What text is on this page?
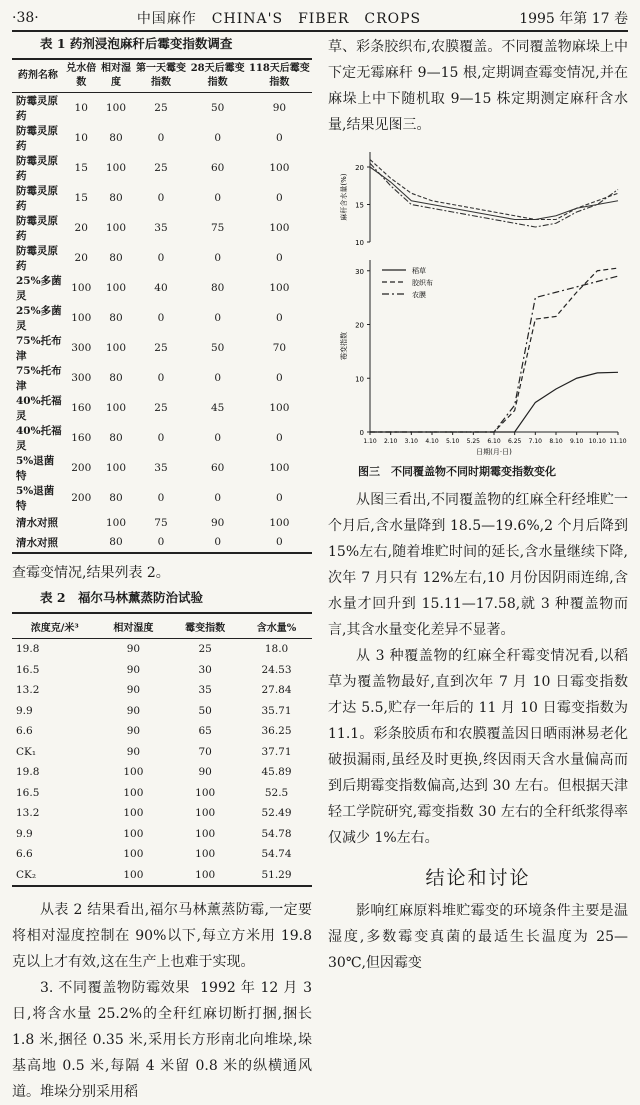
·38·	中国麻作　CHINA'S　FIBER　CROPS	1995 年第 17 卷
表 1 药剂浸泡麻秆后霉变指数调查
药剂名称	兑水倍数	相对湿度	第一天霉变指数	28天后霉变指数	118天后霉变指数
防霉灵原药	10	100	25	50	90
防霉灵原药	10	80	0	0	0
防霉灵原药	15	100	25	60	100
防霉灵原药	15	80	0	0	0
防霉灵原药	20	100	35	75	100
防霉灵原药	20	80	0	0	0
25%多菌灵	100	100	40	80	100
25%多菌灵	100	80	0	0	0
75%托布津	300	100	25	50	70
75%托布津	300	80	0	0	0
40%托福灵	160	100	25	45	100
40%托福灵	160	80	0	0	0
5%退菌特	200	100	35	60	100
5%退菌特	200	80	0	0	0
清水对照		100	75	90	100
清水对照		80	0	0	0

查霉变情况,结果列表 2。

表 2　福尔马林薰蒸防治试验
浓度克/米³	相对湿度	霉变指数	含水量%
19.8	90	25	18.0
16.5	90	30	24.53
13.2	90	35	27.84
9.9	90	50	35.71
6.6	90	65	36.25
CK₁	90	70	37.71
19.8	100	90	45.89
16.5	100	100	52.5
13.2	100	100	52.49
9.9	100	100	54.78
6.6	100	100	54.74
CK₂	100	100	51.29

从表 2 结果看出,福尔马林薰蒸防霉,一定要将相对湿度控制在 90%以下,每立方米用 19.8 克以上才有效,这在生产上也难于实现。

3. 不同覆盖物防霉效果 1992 年 12 月 3 日,将含水量 25.2%的全秆红麻切断打捆,捆长 1.8 米,捆径 0.35 米,采用长方形南北向堆垛,垛基高地 0.5 米,每隔 4 米留 0.8 米的纵横通风道。堆垛分别采用稻

草、彩条胶织布,农膜覆盖。不同覆盖物麻垛上中下定无霉麻秆 9—15 根,定期调查霉变情况,并在麻垛上中下随机取 9—15 株定期测定麻秆含水量,结果见图三。

10
15
20
麻秆含水量(%)
0
10
20
30
1.10 2.10 3.10 4.10 5.10 5.25 6.10 6.25 7.10 8.10 9.10 10.10 11.10
霉变指数
日期(月·日)
稻草
胶织布
农膜
图三　不同覆盖物不同时期霉变指数变化

从图三看出,不同覆盖物的红麻全秆经堆贮一个月后,含水量降到 18.5—19.6%,2 个月后降到 15%左右,随着堆贮时间的延长,含水量继续下降,次年 7 月只有 12%左右,10 月份因阴雨连绵,含水量才回升到 15.11—17.58,就 3 种覆盖物而言,其含水量变化差异不显著。

从 3 种覆盖物的红麻全秆霉变情况看,以稻草为覆盖物最好,直到次年 7 月 10 日霉变指数才达 5.5,贮存一年后的 11 月 10 日霉变指数为 11.1。彩条胶质布和农膜覆盖因日晒雨淋易老化破损漏雨,虽经及时更换,终因雨天含水量偏高而到后期霉变指数偏高,达到 30 左右。但根据天津轻工学院研究,霉变指数 30 左右的全秆纸浆得率仅减少 1%左右。

结论和讨论

影响红麻原料堆贮霉变的环境条件主要是温湿度,多数霉变真菌的最适生长温度为 25—30℃,但因霉变
